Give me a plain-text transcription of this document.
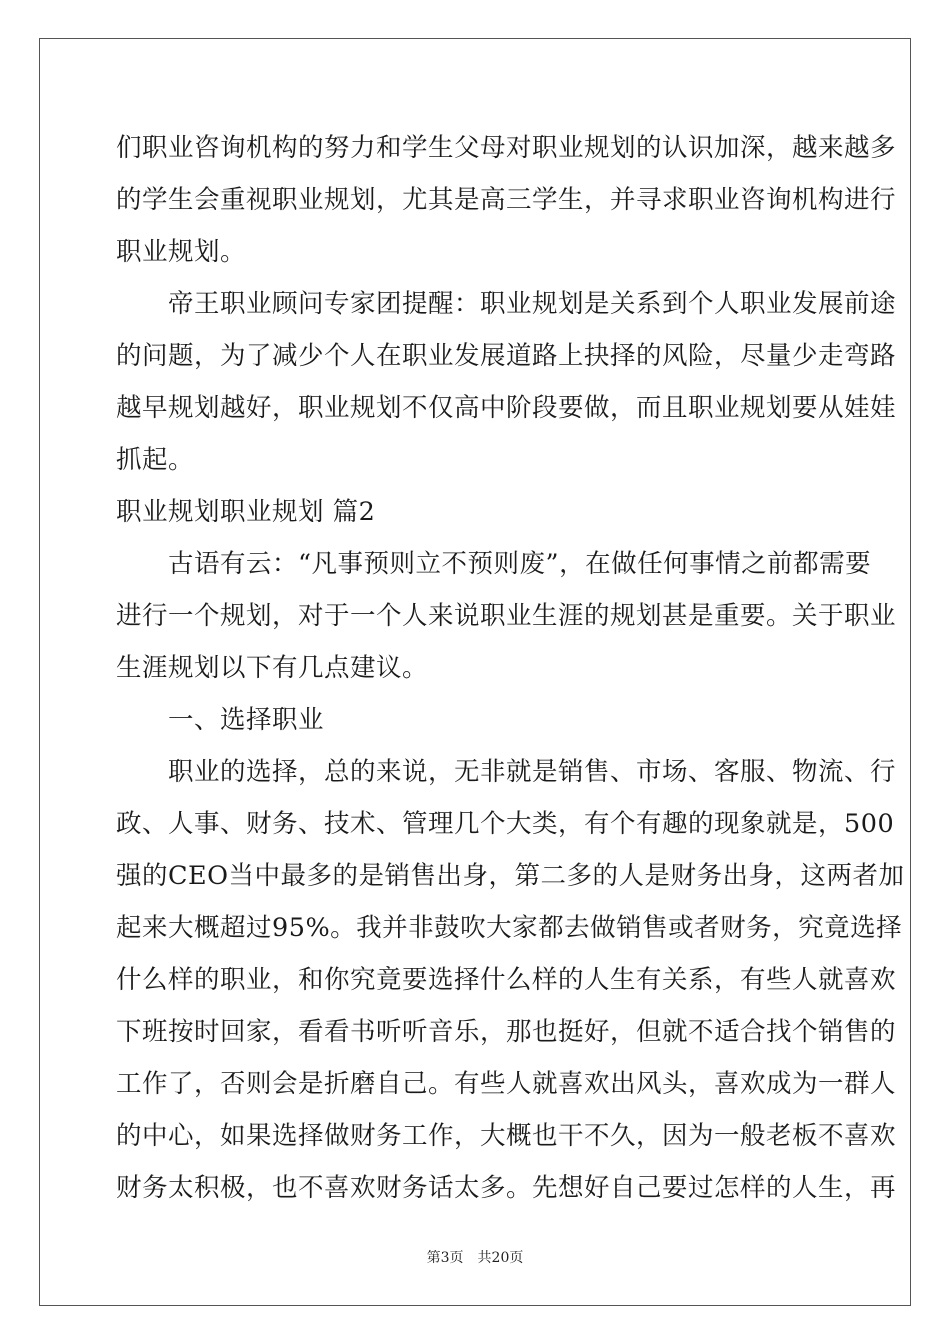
们职业咨询机构的努力和学生父母对职业规划的认识加深，越来越多
的学生会重视职业规划，尤其是高三学生，并寻求职业咨询机构进行
职业规划。
　　帝王职业顾问专家团提醒：职业规划是关系到个人职业发展前途
的问题，为了减少个人在职业发展道路上抉择的风险，尽量少走弯路
越早规划越好，职业规划不仅高中阶段要做，而且职业规划要从娃娃
抓起。
职业规划职业规划 篇2
　　古语有云：“凡事预则立不预则废”，在做任何事情之前都需要
进行一个规划，对于一个人来说职业生涯的规划甚是重要。关于职业
生涯规划以下有几点建议。
　　一、选择职业
　　职业的选择，总的来说，无非就是销售、市场、客服、物流、行
政、人事、财务、技术、管理几个大类，有个有趣的现象就是，500
强的CEO当中最多的是销售出身，第二多的人是财务出身，这两者加
起来大概超过95%。我并非鼓吹大家都去做销售或者财务，究竟选择
什么样的职业，和你究竟要选择什么样的人生有关系，有些人就喜欢
下班按时回家，看看书听听音乐，那也挺好，但就不适合找个销售的
工作了，否则会是折磨自己。有些人就喜欢出风头，喜欢成为一群人
的中心，如果选择做财务工作，大概也干不久，因为一般老板不喜欢
财务太积极，也不喜欢财务话太多。先想好自己要过怎样的人生，再
第3页　共20页
